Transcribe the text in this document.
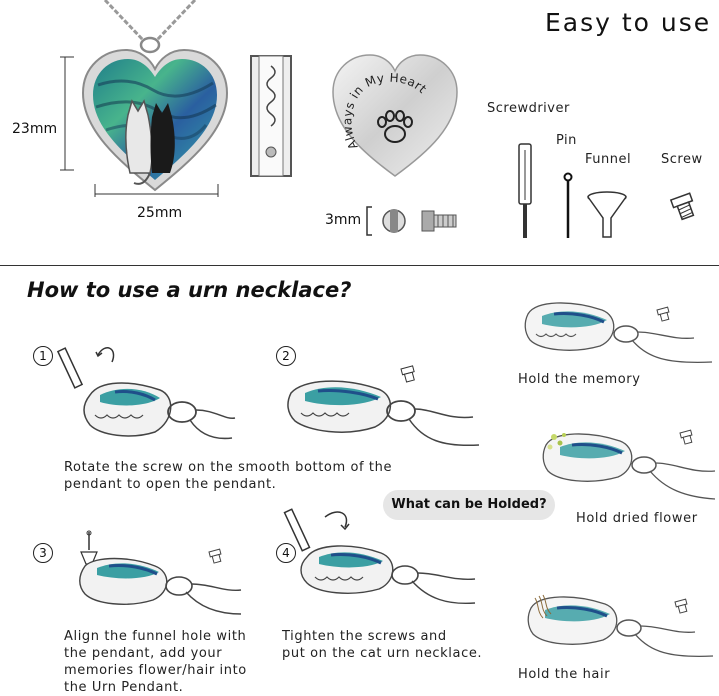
Easy to use
23mm
25mm
Always in My Heart
3mm
Screwdriver
Pin
Funnel Screw
How to use a urn necklace?
1	2
3	4
Hold the memory
Rotate the screw on the smooth bottom of the
pendant to open the pendant.
What can be Holded?
Hold dried flower
Align the funnel hole with
the pendant, add your
memories flower/hair into
the Urn Pendant.
Tighten the screws and
put on the cat urn necklace.
Hold the hair
